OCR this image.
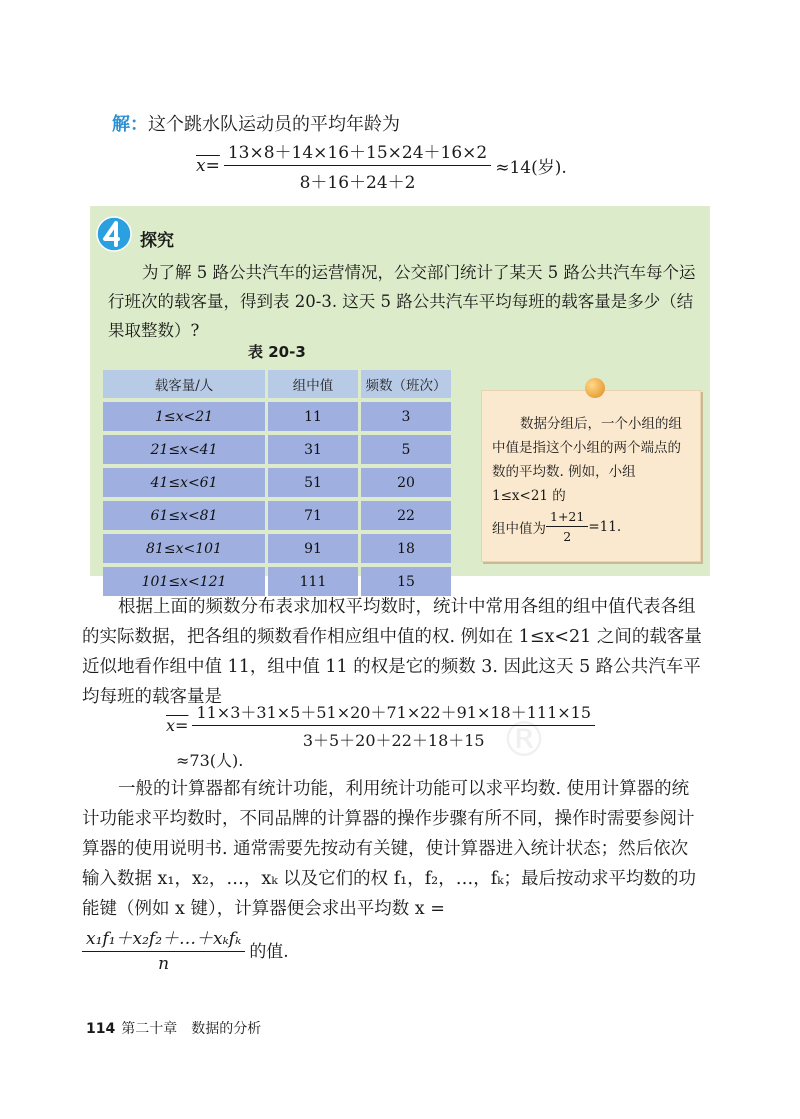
解：这个跳水队运动员的平均年龄为
$x= \frac{13\times 8+14\times 16+15\times 24+16\times 2}{8+16+24+2} \approx 14$(岁).
探究
为了解 5 路公共汽车的运营情况，公交部门统计了某天 5 路公共汽车每个运行班次的载客量，得到表 20-3. 这天 5 路公共汽车平均每班的载客量是多少（结果取整数）?
表 20-3
载客量/人	组中值	频数（班次）
1≤x<21	11	3
21≤x<41	31	5
41≤x<61	51	20
61≤x<81	71	22
81≤x<101	91	18
101≤x<121	111	15
数据分组后，一个小组的组中值是指这个小组的两个端点的数的平均数. 例如，小组 1≤x<21 的
组中值为 $\frac{1+21}{2} =11$.
®
根据上面的频数分布表求加权平均数时，统计中常用各组的组中值代表各组的实际数据，把各组的频数看作相应组中值的权. 例如在 1≤x<21 之间的载客量近似地看作组中值 11，组中值 11 的权是它的频数 3. 因此这天 5 路公共汽车平均每班的载客量是
$x= \frac{11\times 3+31\times 5+51\times 20+71\times 22+91\times 18+111\times 15}{3+5+20+22+18+15}$
≈73(人).
一般的计算器都有统计功能，利用统计功能可以求平均数. 使用计算器的统计功能求平均数时，不同品牌的计算器的操作步骤有所不同，操作时需要参阅计算器的使用说明书. 通常需要先按动有关键，使计算器进入统计状态；然后依次输入数据 x₁，x₂，…，xₖ 以及它们的权 f₁，f₂，…，fₖ；最后按动求平均数的功能键（例如 x 键），计算器便会求出平均数 x =
$\frac{\text{x₁f₁＋x₂f₂＋…＋xₖfₖ}}{n}$ 的值.
114 第二十章　数据的分析
